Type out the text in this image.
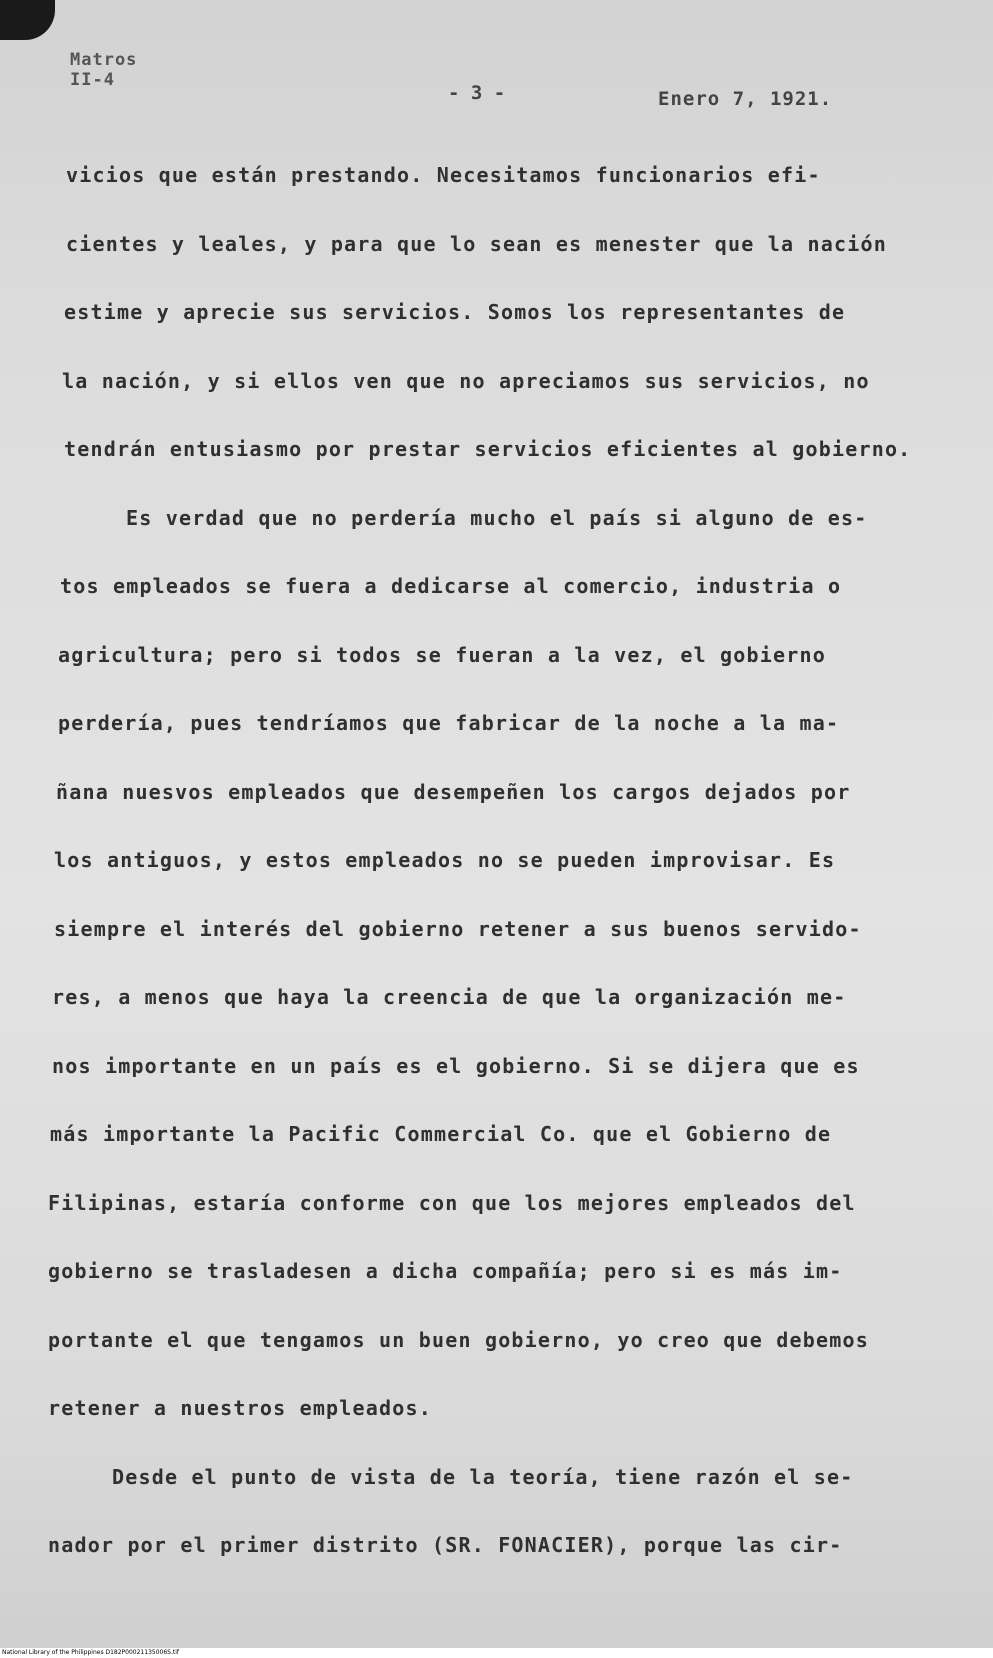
Matros
II-4
- 3 -	Enero 7, 1921.
vicios que están prestando. Necesitamos funcionarios efi-
cientes y leales, y para que lo sean es menester que la nación
estime y aprecie sus servicios. Somos los representantes de
la nación, y si ellos ven que no apreciamos sus servicios, no
tendrán entusiasmo por prestar servicios eficientes al gobierno.
Es verdad que no perdería mucho el país si alguno de es-
tos empleados se fuera a dedicarse al comercio, industria o
agricultura; pero si todos se fueran a la vez, el gobierno
perdería, pues tendríamos que fabricar de la noche a la ma-
ñana nuesvos empleados que desempeñen los cargos dejados por
los antiguos, y estos empleados no se pueden improvisar. Es
siempre el interés del gobierno retener a sus buenos servido-
res, a menos que haya la creencia de que la organización me-
nos importante en un país es el gobierno. Si se dijera que es
más importante la Pacific Commercial Co. que el Gobierno de
Filipinas, estaría conforme con que los mejores empleados del
gobierno se trasladesen a dicha compañía; pero si es más im-
portante el que tengamos un buen gobierno, yo creo que debemos
retener a nuestros empleados.
Desde el punto de vista de la teoría, tiene razón el se-
nador por el primer distrito (SR. FONACIER), porque las cir-
National Library of the Philippines D182P00021135006S.tif
